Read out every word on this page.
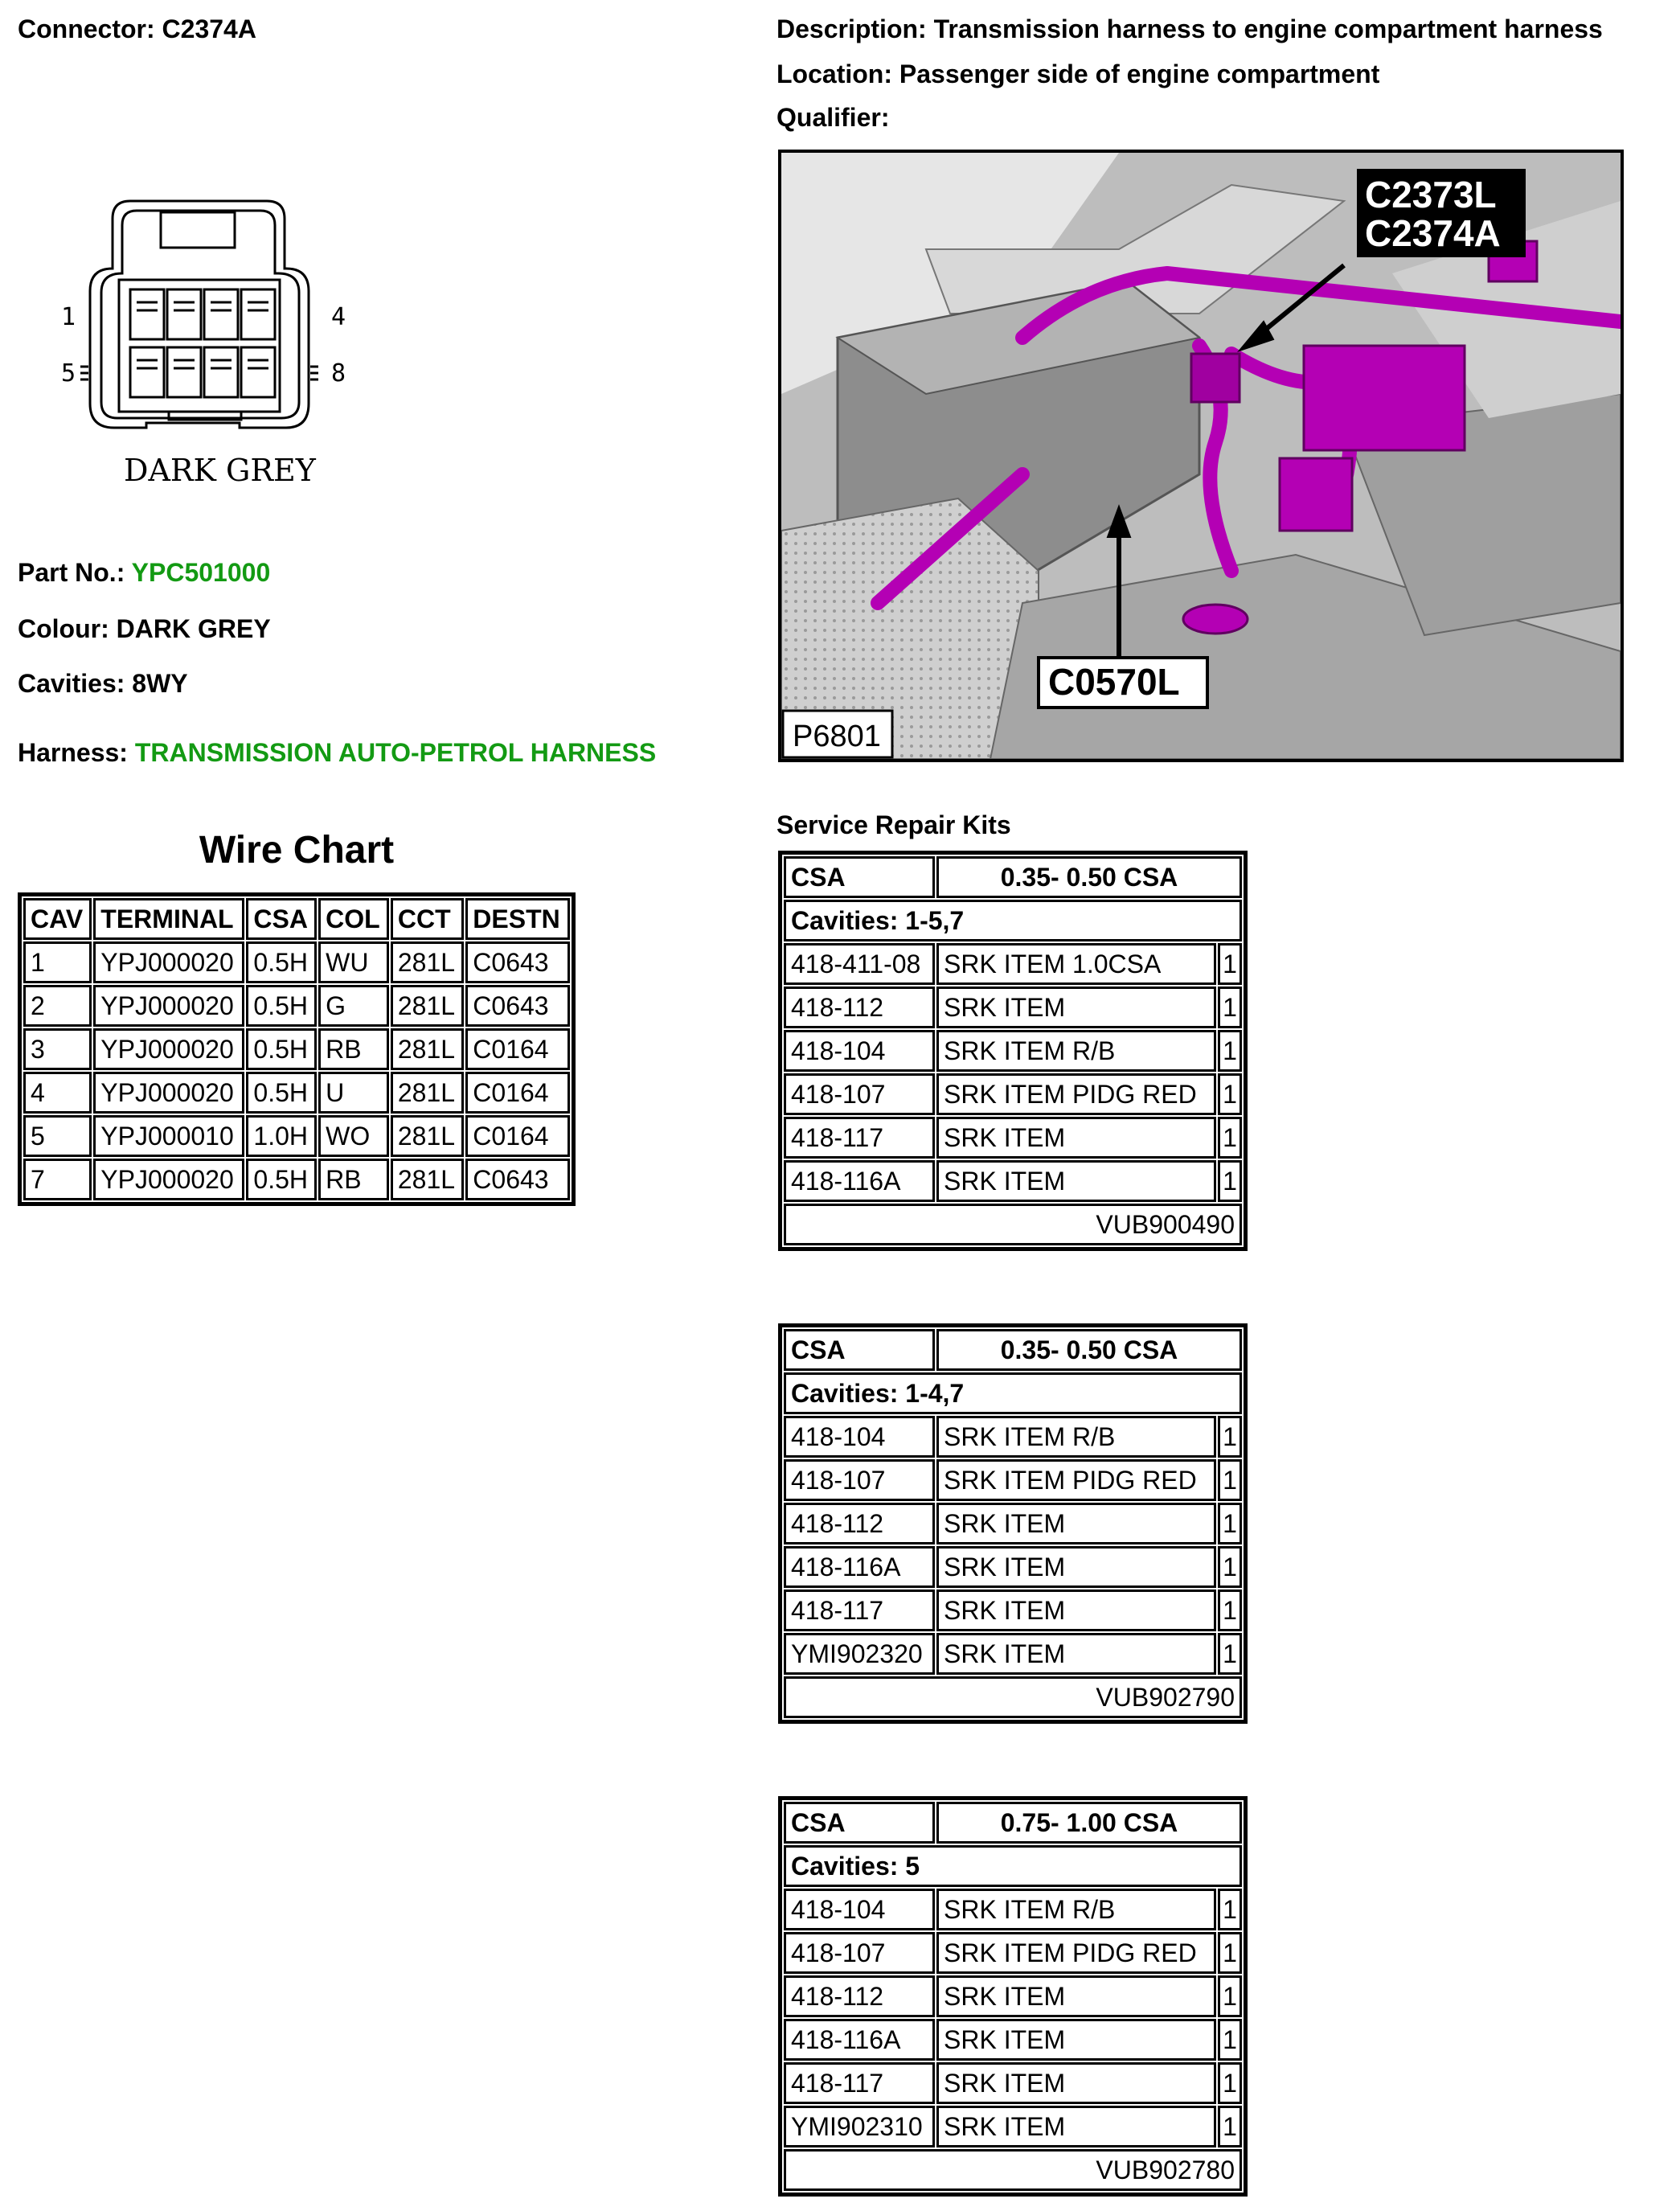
Connector: C2374A	Description: Transmission harness to engine compartment harness
Location: Passenger side of engine compartment
Qualifier:
1	4
5	8
DARK GREY
Part No.: YPC501000
Colour: DARK GREY
Cavities: 8WY
Harness: TRANSMISSION AUTO-PETROL HARNESS
Wire Chart
CAV	TERMINAL	CSA	COL	CCT	DESTN
1	YPJ000020	0.5H	WU	281L	C0643
2	YPJ000020	0.5H	G	281L	C0643
3	YPJ000020	0.5H	RB	281L	C0164
4	YPJ000020	0.5H	U	281L	C0164
5	YPJ000010	1.0H	WO	281L	C0164
7	YPJ000020	0.5H	RB	281L	C0643
C2373L
C2374A
C0570L
P6801
Service Repair Kits
CSA	0.35- 0.50 CSA	
Cavities: 1-5,7		
418-411-08	SRK ITEM 1.0CSA	1
418-112	SRK ITEM	1
418-104	SRK ITEM R/B	1
418-107	SRK ITEM PIDG RED	1
418-117	SRK ITEM	1
418-116A	SRK ITEM	1
VUB900490		
CSA	0.35- 0.50 CSA	
Cavities: 1-4,7		
418-104	SRK ITEM R/B	1
418-107	SRK ITEM PIDG RED	1
418-112	SRK ITEM	1
418-116A	SRK ITEM	1
418-117	SRK ITEM	1
YMI902320	SRK ITEM	1
VUB902790		
CSA	0.75- 1.00 CSA	
Cavities: 5		
418-104	SRK ITEM R/B	1
418-107	SRK ITEM PIDG RED	1
418-112	SRK ITEM	1
418-116A	SRK ITEM	1
418-117	SRK ITEM	1
YMI902310	SRK ITEM	1
VUB902780		
